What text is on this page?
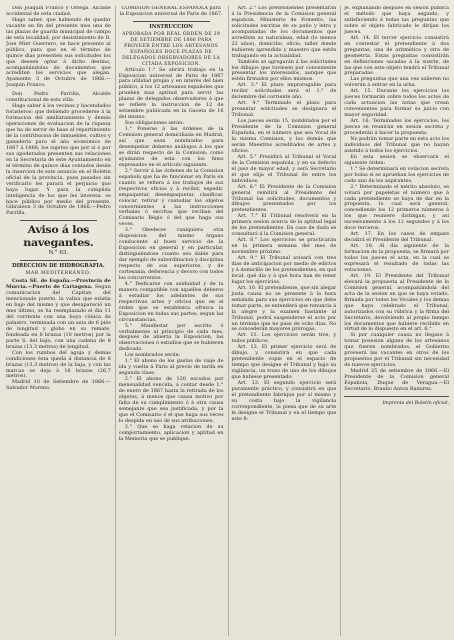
Don Joaquin Franco y Ortega. Alcalde accidental de esta ciudad.

Hago saber: que habiendo de quedar vacante en fin del presente mes una de las plazas de guarda municipal de campo de esta localidad, por desistimiento de D. Jose Mier Guerrero, se hace presente al público, para que en el término de quince dias presenten sus solicitudes los que deseen optar á dicho destino, acompañándolas de documentos que acrediten los servicios que alegan. Ayamonte 3 de Octubre de 1866.—Joaquin Franco.

Don Pedro Parrilla, Alcalde constitucional de esta villa.

Hago saber á los vecinos y hacendados forasteros: que debiendo procederse á la formacion del amillaramiento y demás operaciones de evaluacion de la riqueza que ha de servir de base al repartimiento de la contribucion de inmuebles, cultivo y ganaderia para el año económico de 1867 á 1868, los sujetos que por sí ó por sus apoderados presenten sus relaciones en la Secretaría de este Ayuntamiento en el término de quince dias contados desde la insercion de este anuncio en el Boletin oficial de la provincia, pues pasados sin verificarlo les parará el perjuicio que haya lugar. Y para la cumplida inteligencia de los que les interesa, se hace público por medio del presente. Gibraleon 3 de Octubre de 1866.—Pedro Parrilla.

Aviso á los navegantes.
N.° 63.
DIRECCION DE HIDROGRAFIA.
MAR MEDITERRÁNEO.

Costa SE. de España.—Provincia de Murcia.—Puerto de Cartagena. Segun comunicacion del Capitan del mencionado puerto, la valiza que existia en bajo del mismo y que desapareció un mes último, se ha reemplazado el dia 11 del corriente con una boya cónica de palastro, terminada con un asta de 6 piés de longitud y globo en su remate, fondeada en 8 brazas (10 metros) por la parte S. del bajo, con una cadena de 8 brazas (13,3 metros) de longitud.

Con los rumbos del aguja y demas condiciones ésta queda á distancia de 8 brazas (13,3 metros) de la baja, y con las marcas se deja á 16 brazas (26,7 metros).

Madrid 10 de Setiembre de 1866.—Salvador Moreno.

COMISION GENERAL ESPAÑOLA para la Exposicion universal de Paris de 1867.

INSTRUCCION

APROBADA POR REAL ÓRDEN DE 29 DE SETIEMBRE DE 1866 PARA PROVEER ENTRE LOS ARTESANOS ESPAÑOLES DOCE PLAZAS DE DELEGADOS OBSERVADORES DE LA CITADA EXPOSICION.

Artículo 1.° Se abrirá trabajo en la Exposicion universal de Paris de 1867 para utilidad propia y en interés del bien público, á los 12 artesanos españoles que prueben mas aptitud para servir las plazas de delegados observadores á que se refiere la instruccion de 12 de setiembre publicada en la Gaceta de 16 del mismo.

Sus obligaciones serán:

1.° Ponerse á las órdenes de la Comision general domiciliada en Madrid, así que sean nombrados para desempeñar deberes análogos á los que se dirán respecto de la Comision; como ayudantes de esta con los fines expresados en el artículo siguiente.

2.° Servir á las órdenes de la Comision española que ha de funcionar en Paris en cuanto se refiera á los trabajos de sus respectivos oficios y á recibir, expedir, empaquetar, desempaquetar, clasificar, colocar, retirar y custodiar los objetos concernientes á las instrucciones verbales ó escritas que reciban del Comisario Régio ó del que haga sus veces.

3.° Obedecer cualquiera otra disposicion del mismo órgano conducente al buen servicio de la Exposicion en general y en particular, distinguiéndose cuanto sea dable para dar ejemplo de subordinacion y disciplina respecto de sus superiores, y de cortesanía, deferencia y decoro con todos los concurrentes.

4.° Dedicarse con asiduidad y de la manera compatible con aquellos deberes á estudiar los adelantos de sus respectivas artes y oficios que en el órden que se establezca ofrezca la Exposicion en todas sus partes, segun las circunstancias.

5.° Manifestar por escrito ó verbalmente al principio de cada mes, despues de abierta la Exposicion, las observaciones ó estudios que se hubieren dedicado.

Los nombrados serán:

1.° El abono de los gastos de viaje de ida y vuelta á Paris al precio de tarifa en segunda clase.

2.° El abono de 120 escudos por mensualidad vencida, á contar desde 1.° de enero de 1867 hasta la retirada de los objetos, á menos que causa motivo por falta de su cumplimiento ó á otra causa semejante que sea justificada, y por la que el Comisario ó el que haga sus veces lo despida en uso de sus atribuciones.

3.° Que se haga relacion de su comportamiento, aplicacion y aptitud en la Memoria que se publique.

Art. 2.° Los pretendientes presentarán á la Presidencia de la Comision general española, Ministerio de Fomento, las solicitudes escritas de su puño y letra y acompañadas de los documentos que acrediten su naturaleza, edad (lo menos 22 años), domicilio, oficio, taller donde hubieren aprendido y maestro que estén trabajando en la actualidad.

También se agregarán á las solicitudes los dibujos que tuviesen por conveniente presentar los interesados, aunque que estén firmados por ellos mismos.

Art. 3.° El plazo improrogable para recibir solicitudes será el 1.° de diciembre del corriente año.

Art. 4.° Terminado el plazo para presentar solicitudes se designará el Tribunal.

Los jueces serán 15, nombrados por el Presidente de la Comision general Española, en el número que sea Vocal de la misma Comision, y los demás que serán Maestros acreditados de artes y oficios.

Art. 5.° Presidirá al Tribunal el Vocal de la Comision española, y en su defecto el juez de mayor edad, y será Secretario el que elija el Tribunal de entre los individuos.

Art. 6.° El Presidente de la Comision general remitirá al Presidente del Tribunal las solicitudes, documentos y dibujos presentados por los pretendientes.

Art. 7.° El Tribunal resolverá en la primera sesion acerca de la aptitud legal de los pretendientes. En caso de duda se consultará á la Comision general.

Art. 8.° Los ejercicios se practicarán en la primera semana del mes de noviembre próximo.

Art. 9.° El Tribunal avisará con tres dias de anticipacion por medio de edictos y á domicilio de los pretendientes, en qué local, qué dia y á qué hora han de tener lugar los ejercicios.

Art. 10. El pretendiente, que sin alegar justa causa no se presente á la hora señalada para sus ejercicios en que debe tomar parte, se entenderá que renuncia á la alegre y la examen bastante al Tribunal, podrá suspenderse el acto por un término que no pase de ocho dias. No se concederán mayores prórogas.

Art. 11. Los ejercicios serán tres, y todos públicos.

Art. 12. El primer ejercicio será de dibujo, y consistirá en que cada pretendiente copie en el espacio de tiempo que designe el Tribunal y bajo su vigilancia, un trozo de uno de los dibujos que hubiese presentado.

Art. 13. El segundo ejercicio será puramente práctico, y consistirá en que el pretendiente fabrique por sí mismo y su costa bajo la vigilancia correspondiente, la pieza que de su arte le designe el Tribunal y en el tiempo que este fi-

je, explanando despues en sesion pública el método que haya seguido, y satisfaciendo á todas las preguntas que sobre el objeto fabricado le dirijan los jueces.

Art. 14. El tercer ejercicio consistirá en contestar el pretendiente á dos preguntas, una de aritmética y otra de geometría. Estas preguntas consistirán en definiciones sacadas á la suerte, de las que con este objeto tendrá el Tribunal preparadas.

Las preguntas que una vez salieren no volverán á entrar en la urna.

Art. 15. Durante los ejercicios los jueces formarán sobre todos los actos de cada actuacion las notas que crean convenientes para formar su juicio con mayor seguridad.

Art. 16. Terminados los ejercicios, los jueces se reunirán en sesion secreta y procederán á hacer la propuesta.

No podrán tomar parte en esta acto los individuos del Tribunal que no hayan asistido á todos los ejercicios.

En esta sesion se observará el siguiente órden:

1.° Se determinará en votacion secreta por bolas si se aprueban los ejercicios de cada uno de los aspirantes.

2.° Determinado el mérito absoluto, se votará por papeletas el número que á cada pretendiente se haya de dar en la propuesta, lo cual será general, concediendo los 12 primeros números á los que reuniere distingan, y así sucesivamente á los 12 segundos y á los doce terceros.

Art. 17. En los casos de empate decidirá el Presidente del Tribunal.

Art. 18. Al dia siguiente de la formacion de la propuesta, se firmará por todos los jueces el acta, en la cual se expresará el resultado de todas las votaciones.

Art. 19. El Presidente del Tribunal elevará la propuesta al Presidente de la Comision general, acompañándola del acta de la sesion en que se haya votado, firmada por todos los Vocales y los demas que haya celebrado el Tribunal, autorizados con su rúbrica y la firma del Secretario, devolviendo al propio tiempo los documentos que hubiere recibido en virtud de lo dispuesto en el art. 6.°

Si por cualquier causa no llegase á tomar posesion alguno de los artesanos que fueren nombrados, el Gobierno proveerá las vacantes en otros de los propuestos por el Tribunal sin necesidad de nuevos ejercicios.

Madrid 25 de setiembre de 1866.—El Presidente de la Comision general Española, Duque de Veragua.—El Secretario, Braulio Anton Ramirez.

Imprenta del Boletín oficial.
